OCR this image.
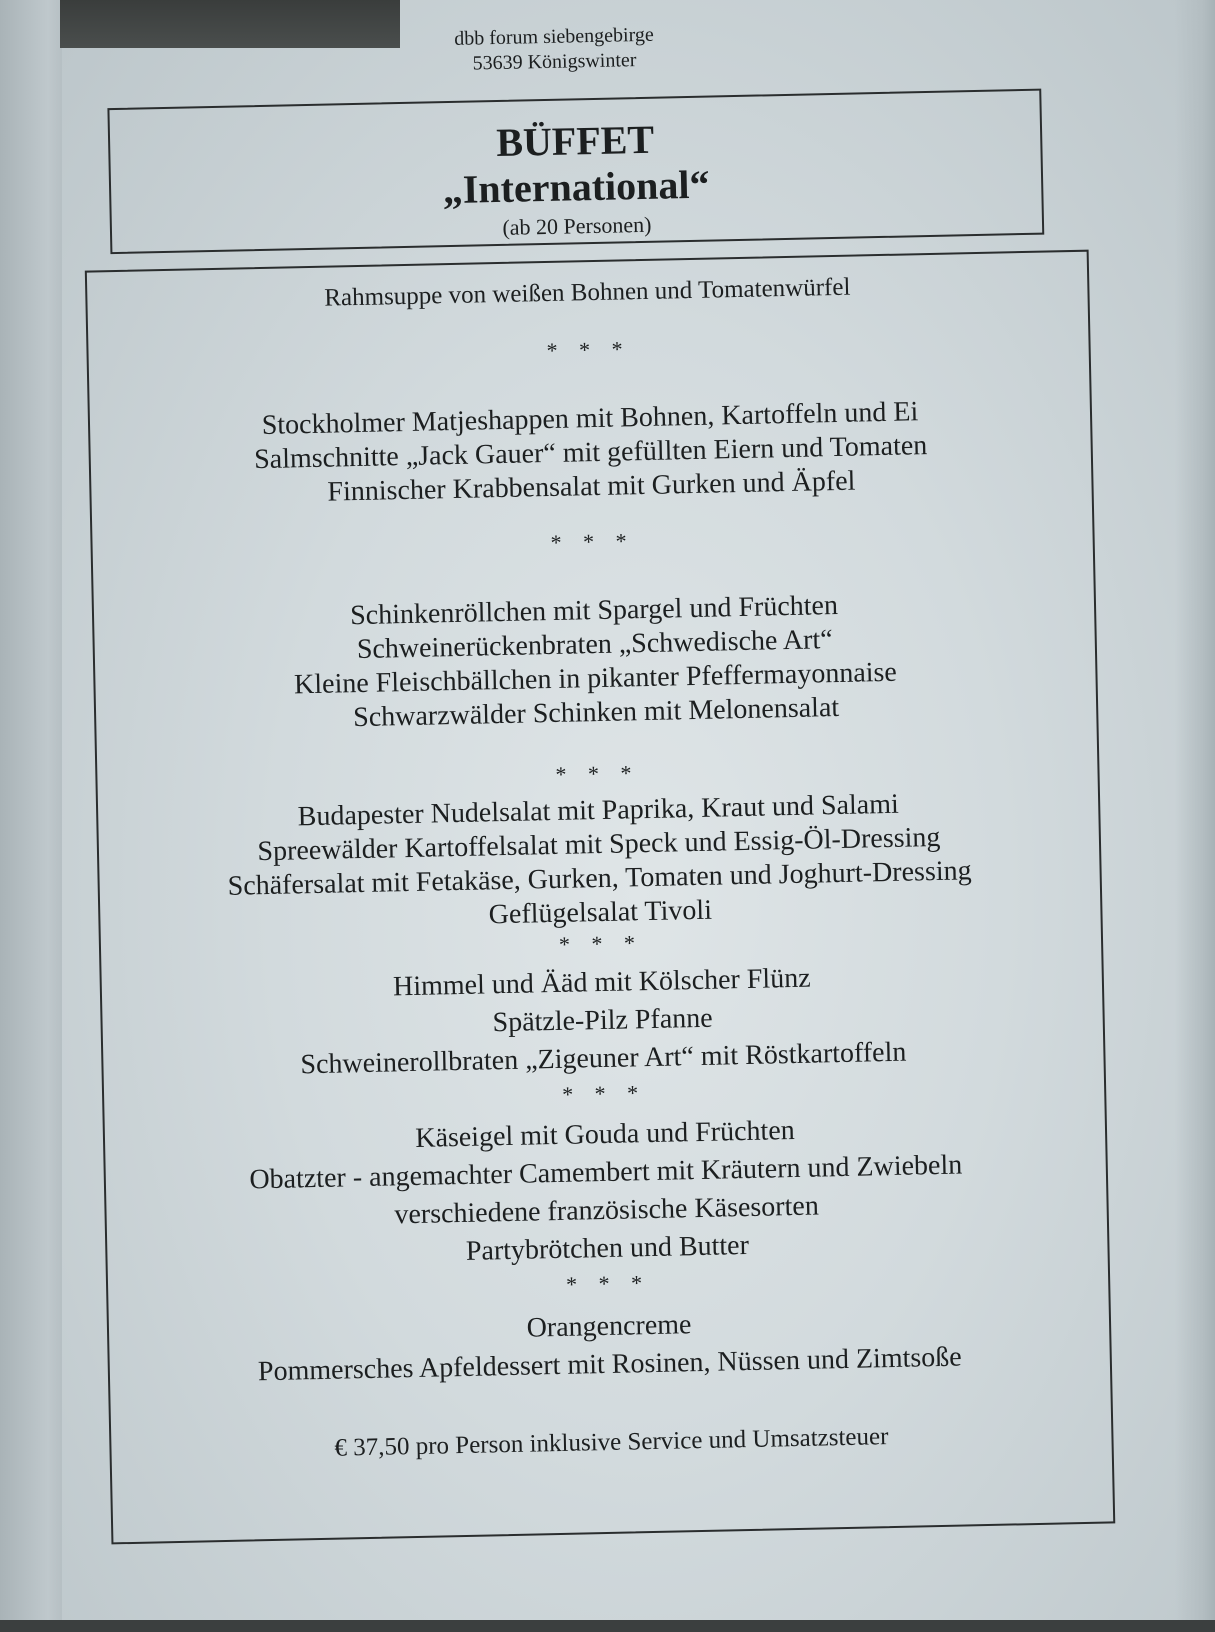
dbb forum siebengebirge
53639 Königswinter
BÜFFET
„International“
(ab 20 Personen)
Rahmsuppe von weißen Bohnen und Tomatenwürfel
* * *
Stockholmer Matjeshappen mit Bohnen, Kartoffeln und Ei
Salmschnitte „Jack Gauer“ mit gefüllten Eiern und Tomaten
Finnischer Krabbensalat mit Gurken und Äpfel
* * *
Schinkenröllchen mit Spargel und Früchten
Schweinerückenbraten „Schwedische Art“
Kleine Fleischbällchen in pikanter Pfeffermayonnaise
Schwarzwälder Schinken mit Melonensalat
* * *
Budapester Nudelsalat mit Paprika, Kraut und Salami
Spreewälder Kartoffelsalat mit Speck und Essig-Öl-Dressing
Schäfersalat mit Fetakäse, Gurken, Tomaten und Joghurt-Dressing
Geflügelsalat Tivoli
* * *
Himmel und Ääd mit Kölscher Flünz
Spätzle-Pilz Pfanne
Schweinerollbraten „Zigeuner Art“ mit Röstkartoffeln
* * *
Käseigel mit Gouda und Früchten
Obatzter - angemachter Camembert mit Kräutern und Zwiebeln
verschiedene französische Käsesorten
Partybrötchen und Butter
* * *
Orangencreme
Pommersches Apfeldessert mit Rosinen, Nüssen und Zimtsoße
€ 37,50 pro Person inklusive Service und Umsatzsteuer
